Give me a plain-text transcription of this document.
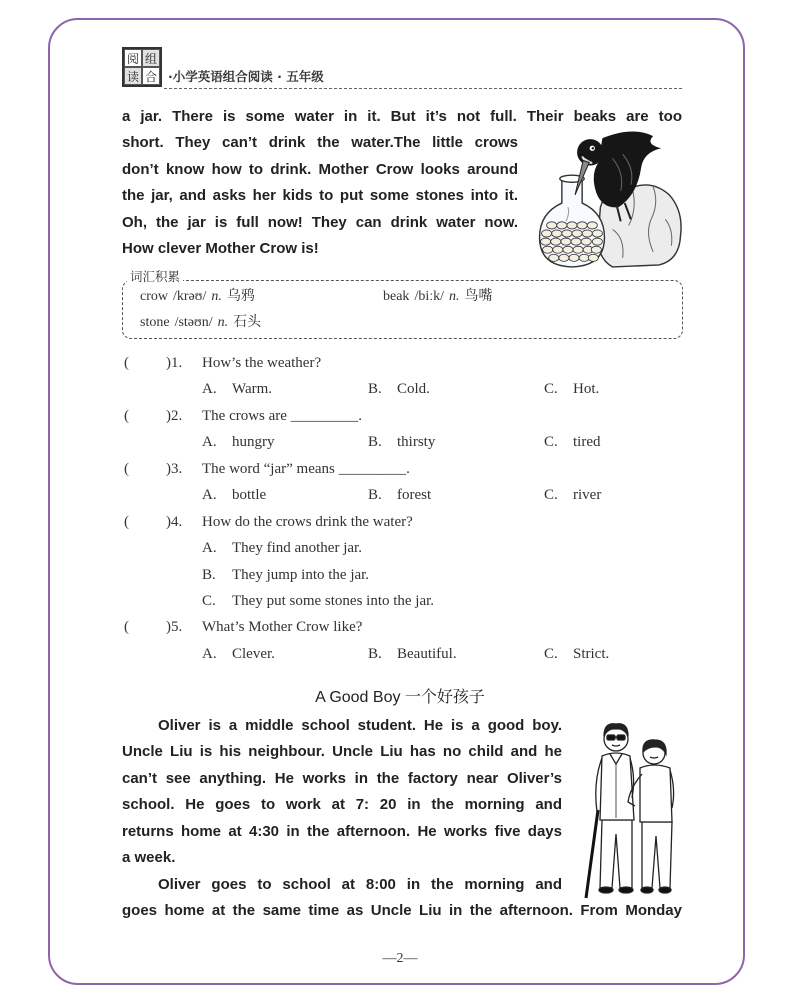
阅 组
读 合 ·小学英语组合阅读 · 五年级
a jar. There is some water in it. But it’s not full. Their beaks are too
short. They can’t drink the water.The little crows
don’t know how to drink. Mother Crow looks around
the jar, and asks her kids to put some stones into it.
Oh, the jar is full now! They can drink water now.
How clever Mother Crow is!
词汇积累
crow /krəʊ/ n. 乌鸦	beak /biːk/ n. 鸟嘴
stone /stəʊn/ n. 石头
( )1. How’s the weather?
A. Warm.	B. Cold.	C. Hot.
( )2. The crows are _________.
A. hungry	B. thirsty	C. tired
( )3. The word “jar” means _________.
A. bottle	B. forest	C. river
( )4. How do the crows drink the water?
A. They find another jar.
B. They jump into the jar.
C. They put some stones into the jar.
( )5. What’s Mother Crow like?
A. Clever.	B. Beautiful.	C. Strict.
A Good Boy 一个好孩子
Oliver is a middle school student. He is a good boy.
Uncle Liu is his neighbour. Uncle Liu has no child and he
can’t see anything. He works in the factory near Oliver’s
school. He goes to work at 7: 20 in the morning and
returns home at 4:30 in the afternoon. He works five days
a week.
Oliver goes to school at 8:00 in the morning and
goes home at the same time as Uncle Liu in the afternoon. From Monday
—2—
